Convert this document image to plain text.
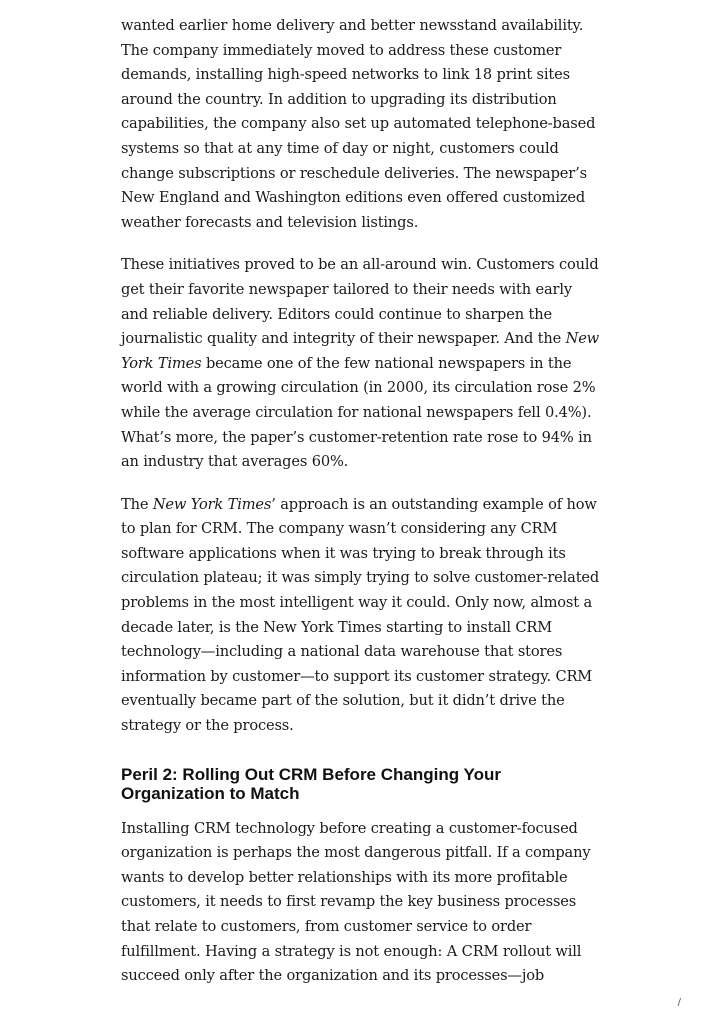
wanted earlier home delivery and better newsstand availability. The company immediately moved to address these customer demands, installing high-speed networks to link 18 print sites around the country. In addition to upgrading its distribution capabilities, the company also set up automated telephone-based systems so that at any time of day or night, customers could change subscriptions or reschedule deliveries. The newspaper’s New England and Washington editions even offered customized weather forecasts and television listings.

These initiatives proved to be an all-around win. Customers could get their favorite newspaper tailored to their needs with early and reliable delivery. Editors could continue to sharpen the journalistic quality and integrity of their newspaper. And the New York Times became one of the few national newspapers in the world with a growing circulation (in 2000, its circulation rose 2% while the average circulation for national newspapers fell 0.4%). What’s more, the paper’s customer-retention rate rose to 94% in an industry that averages 60%.

The New York Times’ approach is an outstanding example of how to plan for CRM. The company wasn’t considering any CRM software applications when it was trying to break through its circulation plateau; it was simply trying to solve customer-related problems in the most intelligent way it could. Only now, almost a decade later, is the New York Times starting to install CRM technology—including a national data warehouse that stores information by customer—to support its customer strategy. CRM eventually became part of the solution, but it didn’t drive the strategy or the process.

Peril 2: Rolling Out CRM Before Changing Your
Organization to Match

Installing CRM technology before creating a customer-focused organization is perhaps the most dangerous pitfall. If a company wants to develop better relationships with its more profitable customers, it needs to first revamp the key business processes that relate to customers, from customer service to order fulfillment. Having a strategy is not enough: A CRM rollout will succeed only after the organization and its processes—job

/
